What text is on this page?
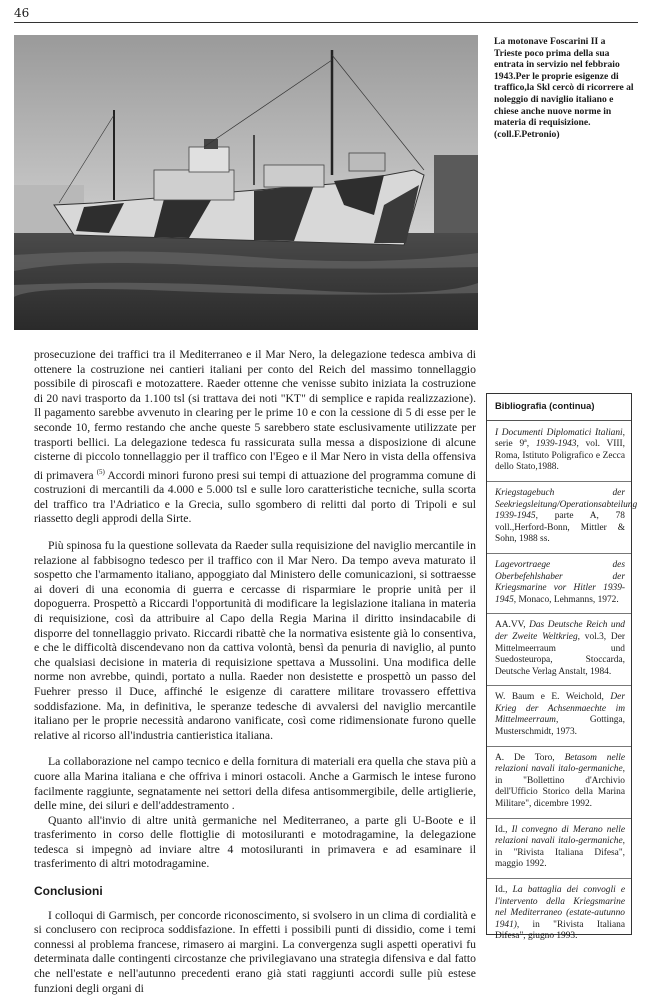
46
La motonave Foscarini II a Trieste poco prima della sua entrata in servizio nel febbraio 1943.Per le proprie esigenze di traffico,la Skl cercò di ricorrere al noleggio di naviglio italiano e chiese anche nuove norme in materia di requisizione. (coll.F.Petronio)

prosecuzione dei traffici tra il Mediterraneo e il Mar Nero, la delegazione tedesca ambiva di ottenere la costruzione nei cantieri italiani per conto del Reich del massimo tonnellaggio possibile di piroscafi e motozattere. Raeder ottenne che venisse subito iniziata la costruzione di 20 navi trasporto da 1.100 tsl (si trattava dei noti "KT" di semplice e rapida realizzazione). Il pagamento sarebbe avvenuto in clearing per le prime 10 e con la cessione di 5 di esse per le seconde 10, fermo restando che anche queste 5 sarebbero state esclusivamente utilizzate per trasporti bellici. La delegazione tedesca fu rassicurata sulla messa a disposizione di alcune cisterne di piccolo tonnellaggio per il traffico con l'Egeo e il Mar Nero in vista della offensiva di primavera $^{(5)}$ Accordi minori furono presi sui tempi di attuazione del programma comune di costruzioni di mercantili da 4.000 e 5.000 tsl e sulle loro caratteristiche tecniche, sulla scorta del traffico tra l'Adriatico e la Grecia, sullo sgombero di relitti dal porto di Tripoli e sul riassetto degli approdi della Sirte.

Più spinosa fu la questione sollevata da Raeder sulla requisizione del naviglio mercantile in relazione al fabbisogno tedesco per il traffico con il Mar Nero. Da tempo aveva maturato il sospetto che l'armamento italiano, appoggiato dal Ministero delle comunicazioni, si sottraesse ai doveri di una economia di guerra e cercasse di risparmiare le proprie unità per il dopoguerra. Prospettò a Riccardi l'opportunità di modificare la legislazione italiana in materia di requisizione, così da attribuire al Capo della Regia Marina il diritto insindacabile di disporre del tonnellaggio privato. Riccardi ribattè che la normativa esistente già lo consentiva, e che le difficoltà discendevano non da cattiva volontà, bensì da penuria di naviglio, al punto che qualsiasi decisione in materia di requisizione spettava a Mussolini. Una modifica delle norme non avrebbe, quindi, portato a nulla. Raeder non desistette e prospettò un passo del Fuehrer presso il Duce, affinché le esigenze di carattere militare trovassero effettiva soddisfazione. Ma, in definitiva, le speranze tedesche di avvalersi del naviglio mercantile italiano per le proprie necessità andarono vanificate, così come ridimensionate furono quelle relative al ricorso all'industria cantieristica italiana.

La collaborazione nel campo tecnico e della fornitura di materiali era quella che stava più a cuore alla Marina italiana e che offriva i minori ostacoli. Anche a Garmisch le intese furono facilmente raggiunte, segnatamente nei settori della difesa antisommergibile, delle artiglierie, delle mine, dei siluri e dell'addestramento .

Quanto all'invio di altre unità germaniche nel Mediterraneo, a parte gli U-Boote e il trasferimento in corso delle flottiglie di motosiluranti e motodragamine, la delegazione tedesca si impegnò ad inviare altre 4 motosiluranti in primavera e ad esaminare il trasferimento di altri motodragamine.

Conclusioni

I colloqui di Garmisch, per concorde riconoscimento, si svolsero in un clima di cordialità e si conclusero con reciproca soddisfazione. In effetti i possibili punti di dissidio, come i temi connessi al problema francese, rimasero ai margini. La convergenza sugli aspetti operativi fu determinata dalle contingenti circostanze che privilegiavano una strategia difensiva e dal fatto che nell'estate e nell'autunno precedenti erano già stati raggiunti accordi sulle più estese funzioni degli organi di

Bibliografia (continua)
I Documenti Diplomatici Italiani, serie 9ª, 1939-1943, vol. VIII, Roma, Istituto Poligrafico e Zecca dello Stato,1988.
Kriegstagebuch der Seekriegsleitung/Operationsabteilung 1939-1945, parte A, 78 voll.,Herford-Bonn, Mittler & Sohn, 1988 ss.
Lagevortraege des Oberbefehlshaber der Kriegsmarine vor Hitler 1939-1945, Monaco, Lehmanns, 1972.
AA.VV, Das Deutsche Reich und der Zweite Weltkrieg, vol.3, Der Mittelmeerraum und Suedosteuropa, Stoccarda, Deutsche Verlag Anstalt, 1984.
W. Baum e E. Weichold, Der Krieg der Achsenmaechte im Mittelmeerraum, Gottinga, Musterschmidt, 1973.
A. De Toro, Betasom nelle relazioni navali italo-germaniche, in "Bollettino d'Archivio dell'Ufficio Storico della Marina Militare", dicembre 1992.
Id., Il convegno di Merano nelle relazioni navali italo-germaniche, in "Rivista Italiana Difesa", maggio 1992.
Id., La battaglia dei convogli e l'intervento della Kriegsmarine nel Mediterraneo (estate-autunno 1941), in "Rivista Italiana Difesa", giugno 1993.
